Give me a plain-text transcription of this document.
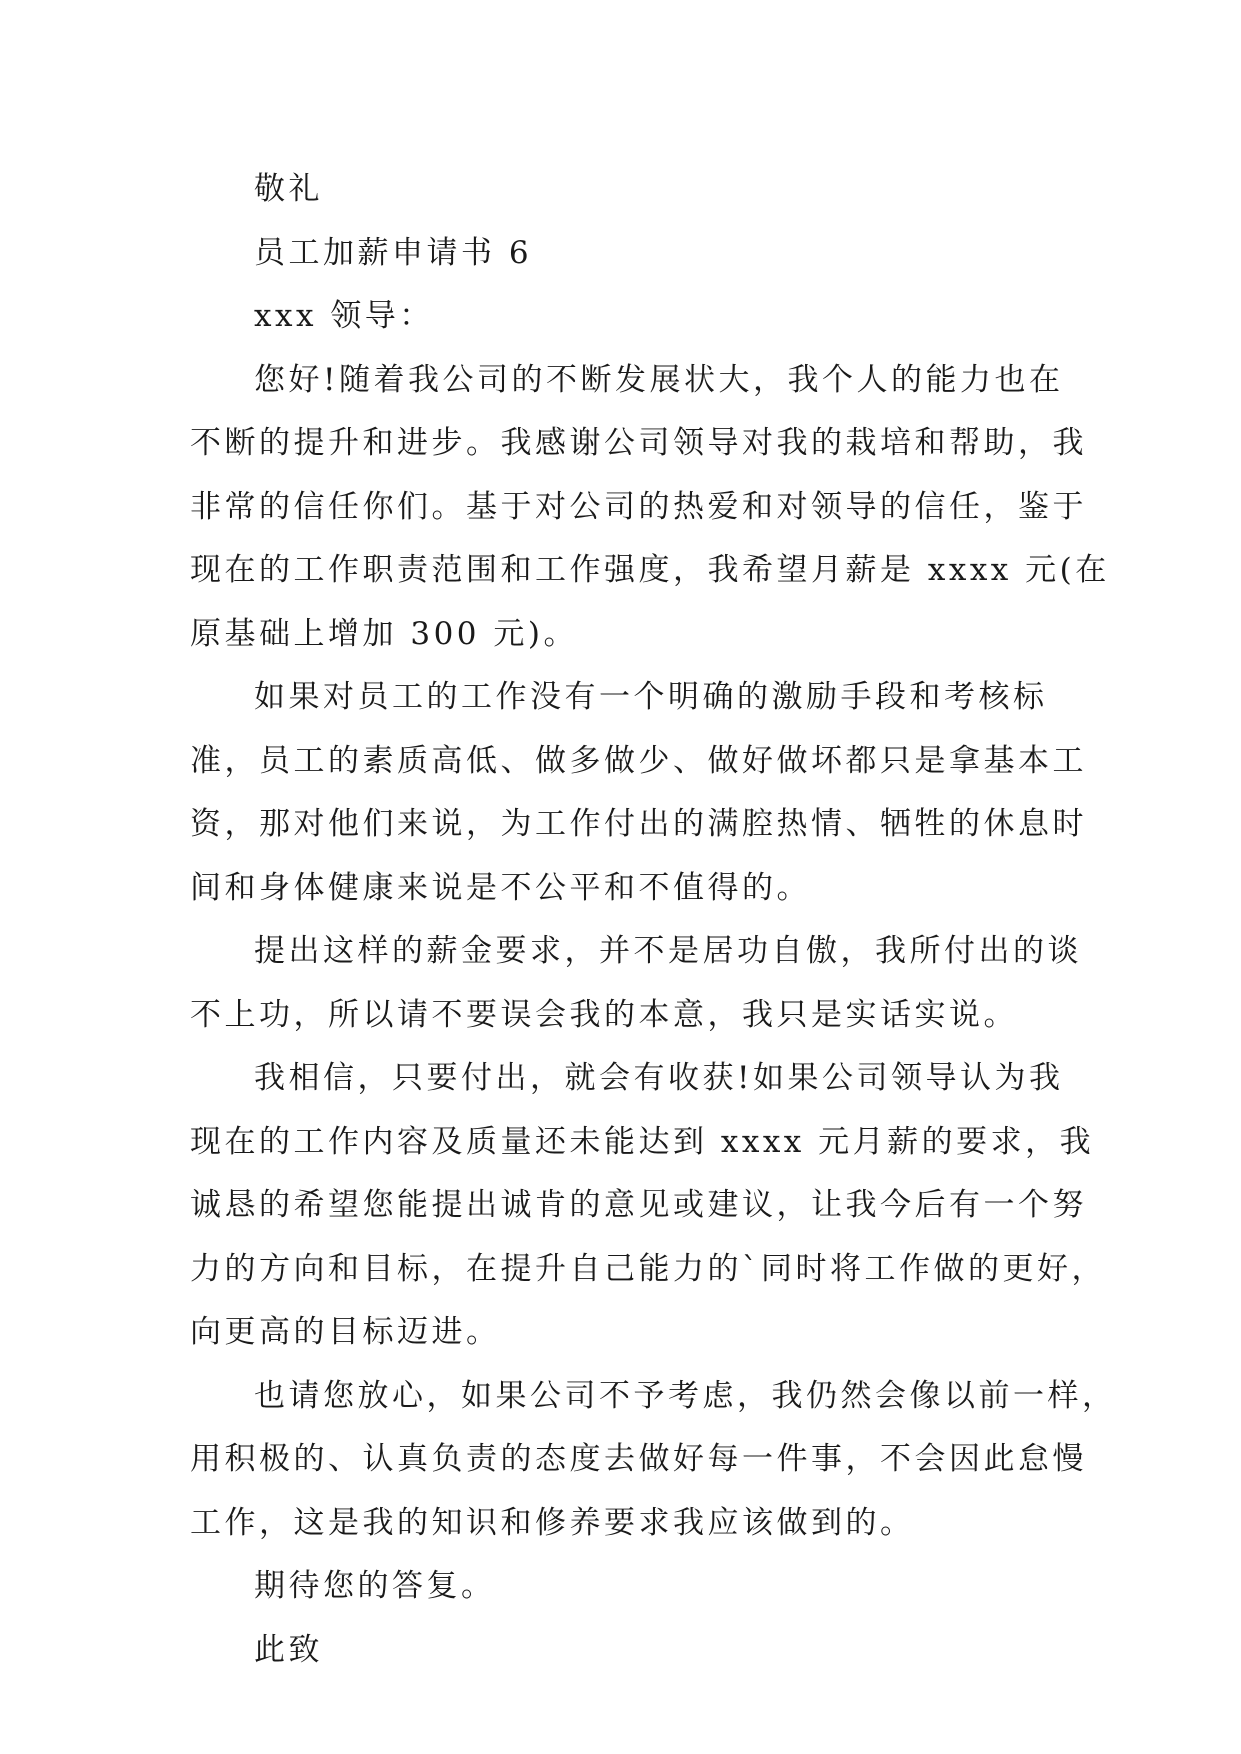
敬礼
员工加薪申请书 6
xxx 领导：
您好!随着我公司的不断发展状大，我个人的能力也在
不断的提升和进步。我感谢公司领导对我的栽培和帮助，我
非常的信任你们。基于对公司的热爱和对领导的信任，鉴于
现在的工作职责范围和工作强度，我希望月薪是 xxxx 元(在
原基础上增加 300 元)。
如果对员工的工作没有一个明确的激励手段和考核标
准，员工的素质高低、做多做少、做好做坏都只是拿基本工
资，那对他们来说，为工作付出的满腔热情、牺牲的休息时
间和身体健康来说是不公平和不值得的。
提出这样的薪金要求，并不是居功自傲，我所付出的谈
不上功，所以请不要误会我的本意，我只是实话实说。
我相信，只要付出，就会有收获!如果公司领导认为我
现在的工作内容及质量还未能达到 xxxx 元月薪的要求，我
诚恳的希望您能提出诚肯的意见或建议，让我今后有一个努
力的方向和目标，在提升自己能力的`同时将工作做的更好，
向更高的目标迈进。
也请您放心，如果公司不予考虑，我仍然会像以前一样，
用积极的、认真负责的态度去做好每一件事，不会因此怠慢
工作，这是我的知识和修养要求我应该做到的。
期待您的答复。
此致
